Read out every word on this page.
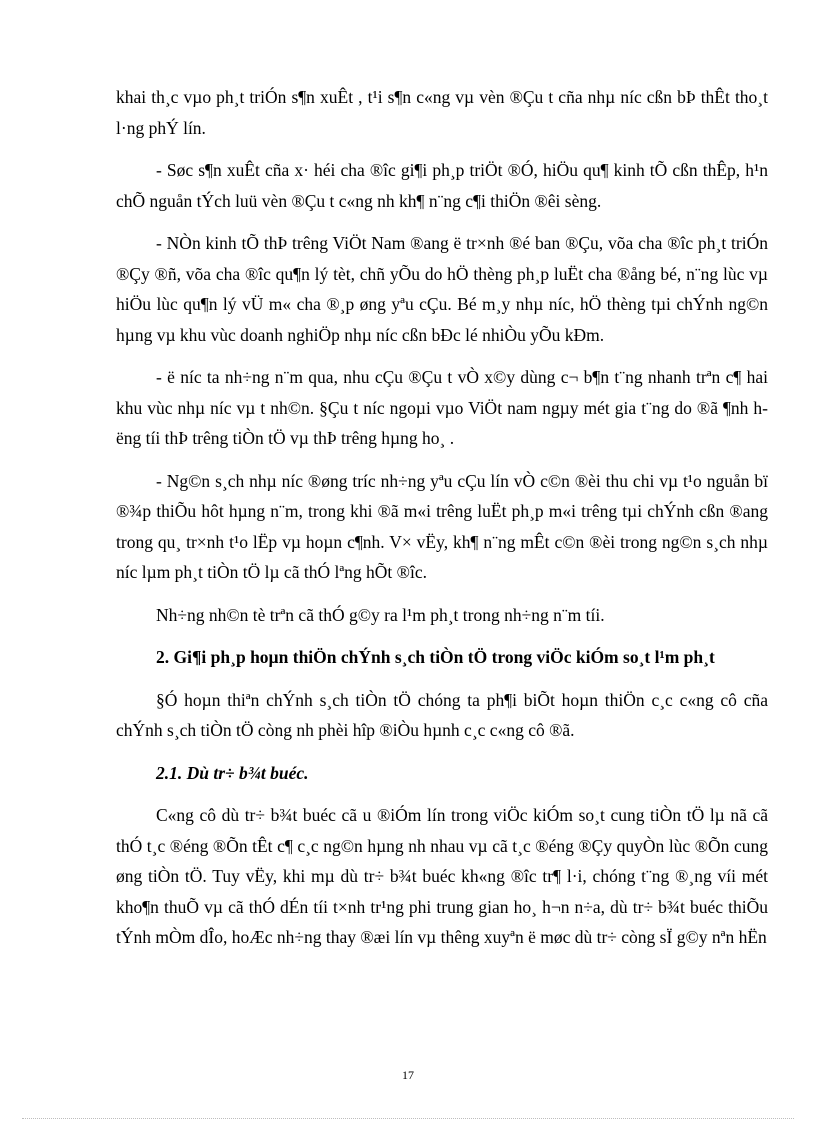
khai th¸c vµo ph¸t triÓn s¶n xuÊt , t¹i s¶n c«ng vµ vèn ®Çu t cña nhµ níc cßn bÞ thÊt tho¸t l·ng phÝ lín.

- Søc s¶n xuÊt cña x· héi cha ®îc gi¶i ph¸p triÖt ®Ó, hiÖu qu¶ kinh tÕ cßn thÊp, h¹n chÕ nguån tÝch luü vèn ®Çu t c«ng nh kh¶ n¨ng c¶i thiÖn ®êi sèng.

- NÒn kinh tÕ thÞ trêng ViÖt Nam ®ang ë tr×nh ®é ban ®Çu, võa cha ®îc ph¸t triÓn ®Çy ®ñ, võa cha ®îc qu¶n lý tèt, chñ yÕu do hÖ thèng ph¸p luËt cha ®ång bé, n¨ng lùc vµ hiÖu lùc qu¶n lý vÜ m« cha ®¸p øng yªu cÇu. Bé m¸y nhµ níc, hÖ thèng tµi chÝnh ng©n hµng vµ khu vùc doanh nghiÖp nhµ níc cßn bÐc lé nhiÒu yÕu kÐm.

- ë níc ta nh÷ng n¨m qua, nhu cÇu ®Çu t vÒ x©y dùng c¬ b¶n t¨ng nhanh trªn c¶ hai khu vùc nhµ níc vµ t nh©n. §Çu t níc ngoµi vµo ViÖt nam ngµy mét gia t¨ng do ®ã ¶nh hëng tíi thÞ trêng tiÒn tÖ vµ thÞ trêng hµng ho¸ .

- Ng©n s¸ch nhµ níc ®øng tríc nh÷ng yªu cÇu lín vÒ c©n ®èi thu chi vµ t¹o nguån bï ®¾p thiÕu hôt hµng n¨m, trong khi ®ã m«i trêng luËt ph¸p m«i trêng tµi chÝnh cßn ®ang trong qu¸ tr×nh t¹o lËp vµ hoµn c¶nh. V× vËy, kh¶ n¨ng mÊt c©n ®èi trong ng©n s¸ch nhµ níc lµm ph¸t tiÒn tÖ lµ cã thÓ lªng hÕt ®îc.

Nh÷ng nh©n tè trªn cã thÓ g©y ra l¹m ph¸t trong nh÷ng n¨m tíi.

2. Gi¶i ph¸p hoµn thiÖn chÝnh s¸ch tiÒn tÖ trong viÖc kiÓm so¸t l¹m ph¸t

§Ó hoµn thiªn chÝnh s¸ch tiÒn tÖ chóng ta ph¶i biÕt hoµn thiÖn c¸c c«ng cô cña chÝnh s¸ch tiÒn tÖ còng nh phèi hîp ®iÒu hµnh c¸c c«ng cô ®ã.

2.1. Dù tr÷ b¾t buéc.

C«ng cô dù tr÷ b¾t buéc cã u ®iÓm lín trong viÖc kiÓm so¸t cung tiÒn tÖ lµ nã cã thÓ t¸c ®éng ®Õn tÊt c¶ c¸c ng©n hµng nh nhau vµ cã t¸c ®éng ®Çy quyÒn lùc ®Õn cung øng tiÒn tÖ. Tuy vËy, khi mµ dù tr÷ b¾t buéc kh«ng ®îc tr¶ l·i, chóng t¨ng ®¸ng víi mét kho¶n thuÕ vµ cã thÓ dÉn tíi t×nh tr¹ng phi trung gian ho¸ h¬n n÷a, dù tr÷ b¾t buéc thiÕu tÝnh mÒm dÎo, hoÆc nh÷ng thay ®æi lín vµ thêng xuyªn ë møc dù tr÷ còng sÏ g©y nªn hËn

17
